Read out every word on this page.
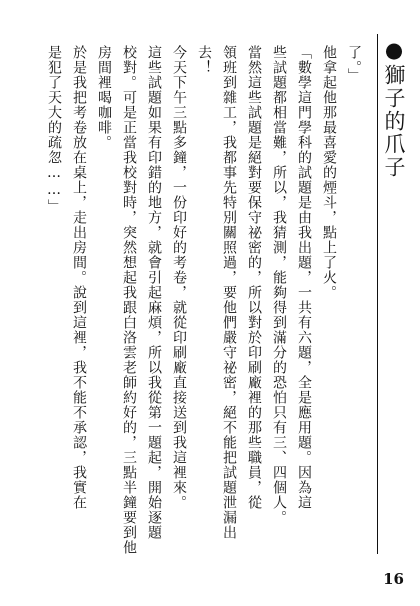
●獅子的爪子

了。」

他拿起他那最喜愛的煙斗，點上了火。

「數學這門學科的試題是由我出題，一共有六題，全是應用題。因為這

些試題都相當難，所以，我猜測，能夠得到滿分的恐怕只有三、四個人。

當然這些試題是絕對要保守祕密的，所以對於印刷廠裡的那些職員，從

領班到雜工，我都事先特別關照過，要他們嚴守祕密，絕不能把試題泄漏出

去！

今天下午三點多鐘，一份印好的考卷，就從印刷廠直接送到我這裡來。

這些試題如果有印錯的地方，就會引起麻煩，所以我從第一題起，開始逐題

校對。可是正當我校對時，突然想起我跟白洛雲老師約好的，三點半鐘要到他

房間裡喝咖啡。

於是我把考卷放在桌上，走出房間。說到這裡，我不能不承認，我實在

是犯了天大的疏忽……」

16
